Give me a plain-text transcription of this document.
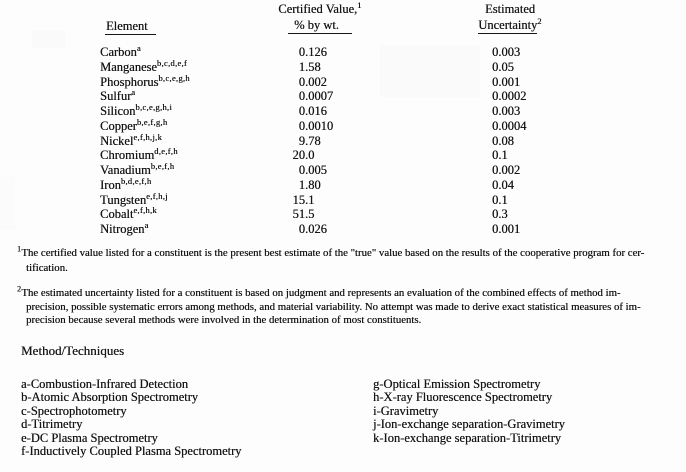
Element
Certified Value,$^1$
% by wt.
Estimated
Uncertainty$^2$
Carbon$^a$	0 .126	0.003
Manganese$^{b,c,d,e,f}$	1 .58	0.05
Phosphorus$^{b,c,e,g,h}$	0 .002	0.001
Sulfur$^a$	0 .0007	0.0002
Silicon$^{b,c,e,g,h,i}$	0 .016	0.003
Copper$^{b,e,f,g,h}$	0 .0010	0.0004
Nickel$^{e,f,h,j,k}$	9 .78	0.08
Chromium$^{d,e,f,h}$	20 .0	0.1
Vanadium$^{b,e,f,h}$	0 .005	0.002
Iron$^{b,d,e,f,h}$	1 .80	0.04
Tungsten$^{e,f,h,j}$	15 .1	0.1
Cobalt$^{e,f,h,k}$	51 .5	0.3
Nitrogen$^a$	0 .026	0.001
$^1$The certified value listed for a constituent is the present best estimate of the "true" value based on the results of the cooperative program for cer-
tification.
$^2$The estimated uncertainty listed for a constituent is based on judgment and represents an evaluation of the combined effects of method im-
precision, possible systematic errors among methods, and material variability. No attempt was made to derive exact statistical measures of im-
precision because several methods were involved in the determination of most constituents.
Method/Techniques
a-Combustion-Infrared Detection
b-Atomic Absorption Spectrometry
c-Spectrophotometry
d-Titrimetry
e-DC Plasma Spectrometry
f-Inductively Coupled Plasma Spectrometry
g-Optical Emission Spectrometry
h-X-ray Fluorescence Spectrometry
i-Gravimetry
j-Ion-exchange separation-Gravimetry
k-Ion-exchange separation-Titrimetry
